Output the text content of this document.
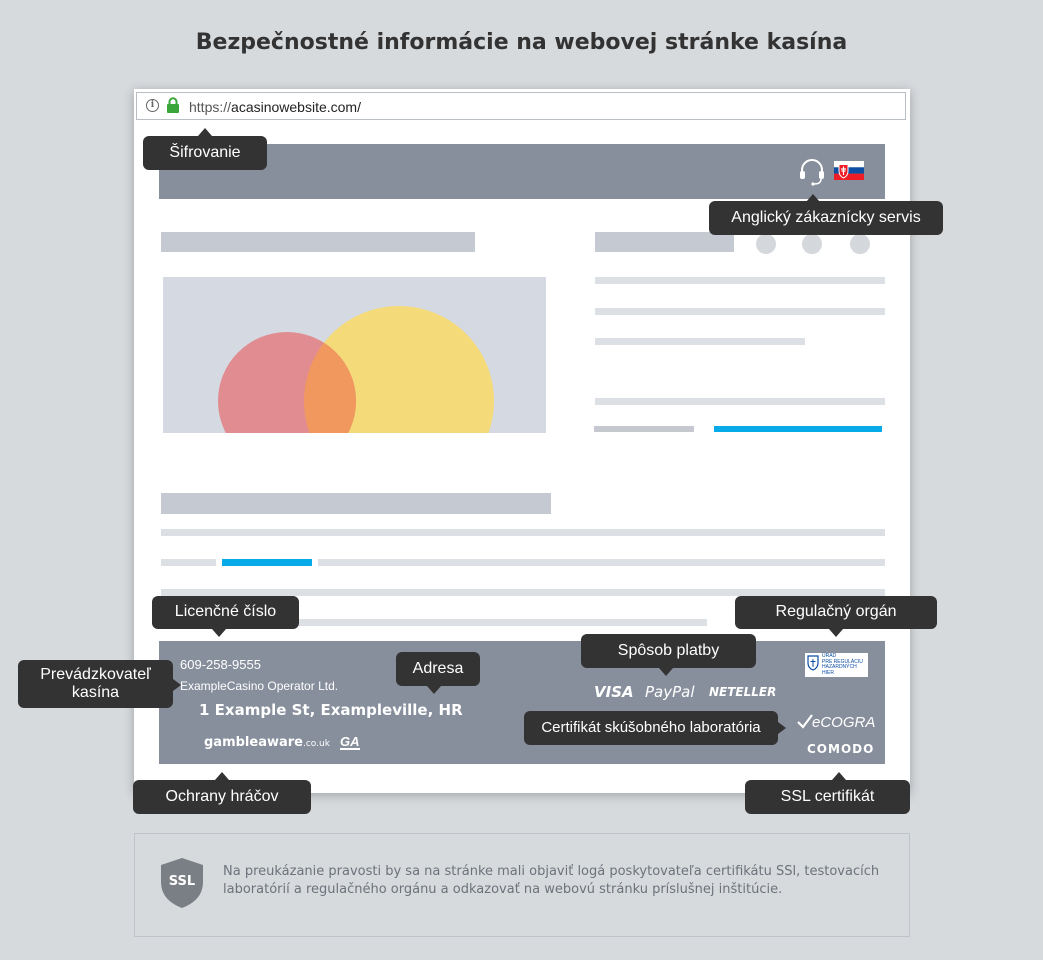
Bezpečnostné informácie na webovej stránke kasína
i	https://acasinowebsite.com/
609-258-9555
ExampleCasino Operator Ltd.
1 Example St, Exampleville, HR
gambleaware.co.uk GA
VISA PayPal NETELLER
ÚRAD
PRE REGULÁCIU
HAZARDNÝCH
HIER
eCOGRA
COMODO
Šifrovanie
Anglický zákaznícky servis
Licenčné číslo	Regulačný orgán
Prevádzkovateľ
kasína
Adresa
Spôsob platby
Certifikát skúšobného laboratória
Ochrany hráčov	SSL certifikát
SSL
Na preukázanie pravosti by sa na stránke mali objaviť logá poskytovateľa certifikátu SSl, testovacích laboratórií a regulačného orgánu a odkazovať na webovú stránku príslušnej inštitúcie.
